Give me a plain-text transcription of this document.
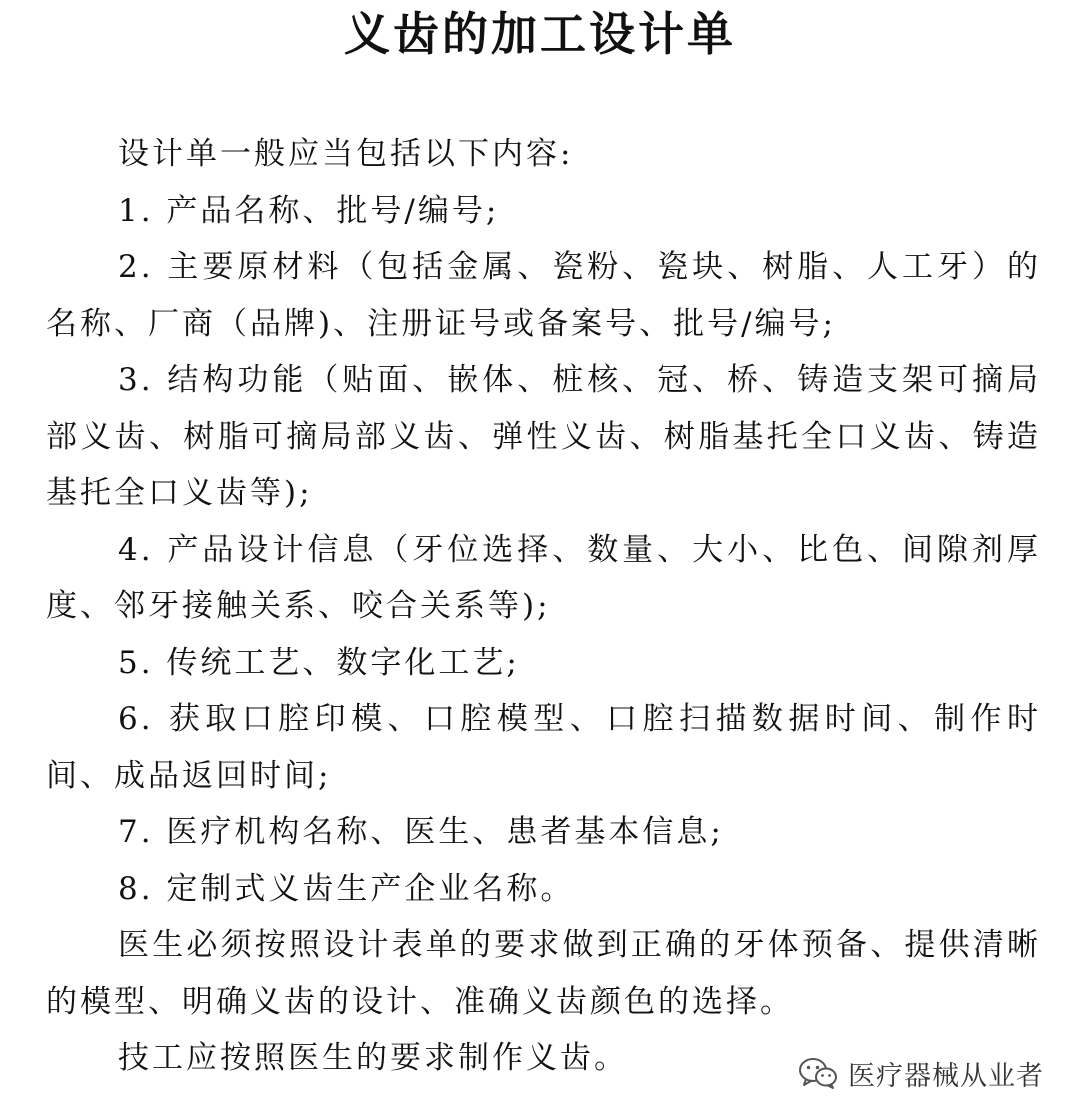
义齿的加工设计单

设计单一般应当包括以下内容:

1. 产品名称、批号/编号;

2. 主要原材料（包括金属、瓷粉、瓷块、树脂、人工牙）的名称、厂商（品牌)、注册证号或备案号、批号/编号;

3. 结构功能（贴面、嵌体、桩核、冠、桥、铸造支架可摘局部义齿、树脂可摘局部义齿、弹性义齿、树脂基托全口义齿、铸造基托全口义齿等);

4. 产品设计信息（牙位选择、数量、大小、比色、间隙剂厚度、邻牙接触关系、咬合关系等);

5. 传统工艺、数字化工艺;

6. 获取口腔印模、口腔模型、口腔扫描数据时间、制作时间、成品返回时间;

7. 医疗机构名称、医生、患者基本信息;

8. 定制式义齿生产企业名称。

医生必须按照设计表单的要求做到正确的牙体预备、提供清晰的模型、明确义齿的设计、准确义齿颜色的选择。

技工应按照医生的要求制作义齿。	医疗器械从业者
